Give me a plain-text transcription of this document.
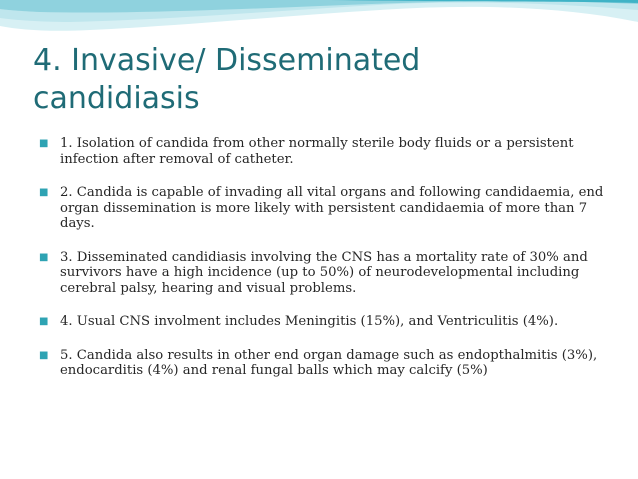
4. Invasive/ Disseminated
candidiasis
■ 1. Isolation of candida from other normally sterile body fluids or a persistent infection after removal of catheter.
■ 2. Candida is capable of invading all vital organs and following candidaemia, end organ dissemination is more likely with persistent candidaemia of more than 7 days.
■ 3. Disseminated candidiasis involving the CNS has a mortality rate of 30% and survivors have a high incidence (up to 50%) of neurodevelopmental including cerebral palsy, hearing and visual problems.
■ 4. Usual CNS involment includes Meningitis (15%), and Ventriculitis (4%).
■ 5. Candida also results in other end organ damage such as endopthalmitis (3%), endocarditis (4%) and renal fungal balls which may calcify (5%)
